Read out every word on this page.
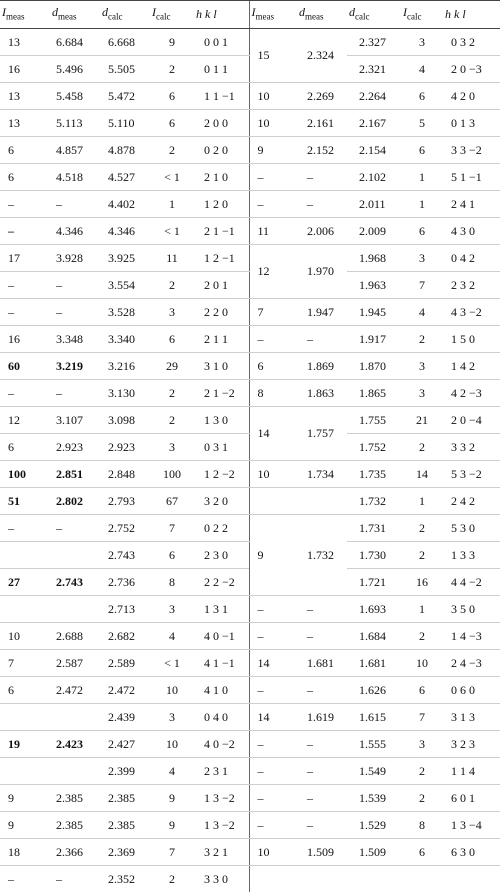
$I_{meas}$	$d_{meas}$	$d_{calc}$	$I_{calc}$	h k l	$I_{meas}$	$d_{meas}$	$d_{calc}$	$I_{calc}$	h k l
13	6.684	6.668	9	0 0 1	15	2.324	2.327	3	0 3 2
16	5.496	5.505	2	0 1 1			2.321	4	2 0 −3
13	5.458	5.472	6	1 1 −1	10	2.269	2.264	6	4 2 0
13	5.113	5.110	6	2 0 0	10	2.161	2.167	5	0 1 3
6	4.857	4.878	2	0 2 0	9	2.152	2.154	6	3 3 −2
6	4.518	4.527	< 1	2 1 0	–	–	2.102	1	5 1 −1
–	–	4.402	1	1 2 0	–	–	2.011	1	2 4 1
–	4.346	4.346	< 1	2 1 −1	11	2.006	2.009	6	4 3 0
17	3.928	3.925	11	1 2 −1	12	1.970	1.968	3	0 4 2
–	–	3.554	2	2 0 1			1.963	7	2 3 2
–	–	3.528	3	2 2 0	7	1.947	1.945	4	4 3 −2
16	3.348	3.340	6	2 1 1	–	–	1.917	2	1 5 0
60	3.219	3.216	29	3 1 0	6	1.869	1.870	3	1 4 2
–	–	3.130	2	2 1 −2	8	1.863	1.865	3	4 2 −3
12	3.107	3.098	2	1 3 0	14	1.757	1.755	21	2 0 −4
6	2.923	2.923	3	0 3 1			1.752	2	3 3 2
100	2.851	2.848	100	1 2 −2	10	1.734	1.735	14	5 3 −2
51	2.802	2.793	67	3 2 0			1.732	1	2 4 2
–	–	2.752	7	0 2 2	9	1.732	1.731	2	5 3 0
		2.743	6	2 3 0			1.730	2	1 3 3
27	2.743	2.736	8	2 2 −2			1.721	16	4 4 −2
		2.713	3	1 3 1	–	–	1.693	1	3 5 0
10	2.688	2.682	4	4 0 −1	–	–	1.684	2	1 4 −3
7	2.587	2.589	< 1	4 1 −1	14	1.681	1.681	10	2 4 −3
6	2.472	2.472	10	4 1 0	–	–	1.626	6	0 6 0
		2.439	3	0 4 0	14	1.619	1.615	7	3 1 3
19	2.423	2.427	10	4 0 −2	–	–	1.555	3	3 2 3
		2.399	4	2 3 1	–	–	1.549	2	1 1 4
9	2.385	2.385	9	1 3 −2	–	–	1.539	2	6 0 1
9	2.385	2.385	9	1 3 −2	–	–	1.529	8	1 3 −4
18	2.366	2.369	7	3 2 1	10	1.509	1.509	6	6 3 0
–	–	2.352	2	3 3 0					
